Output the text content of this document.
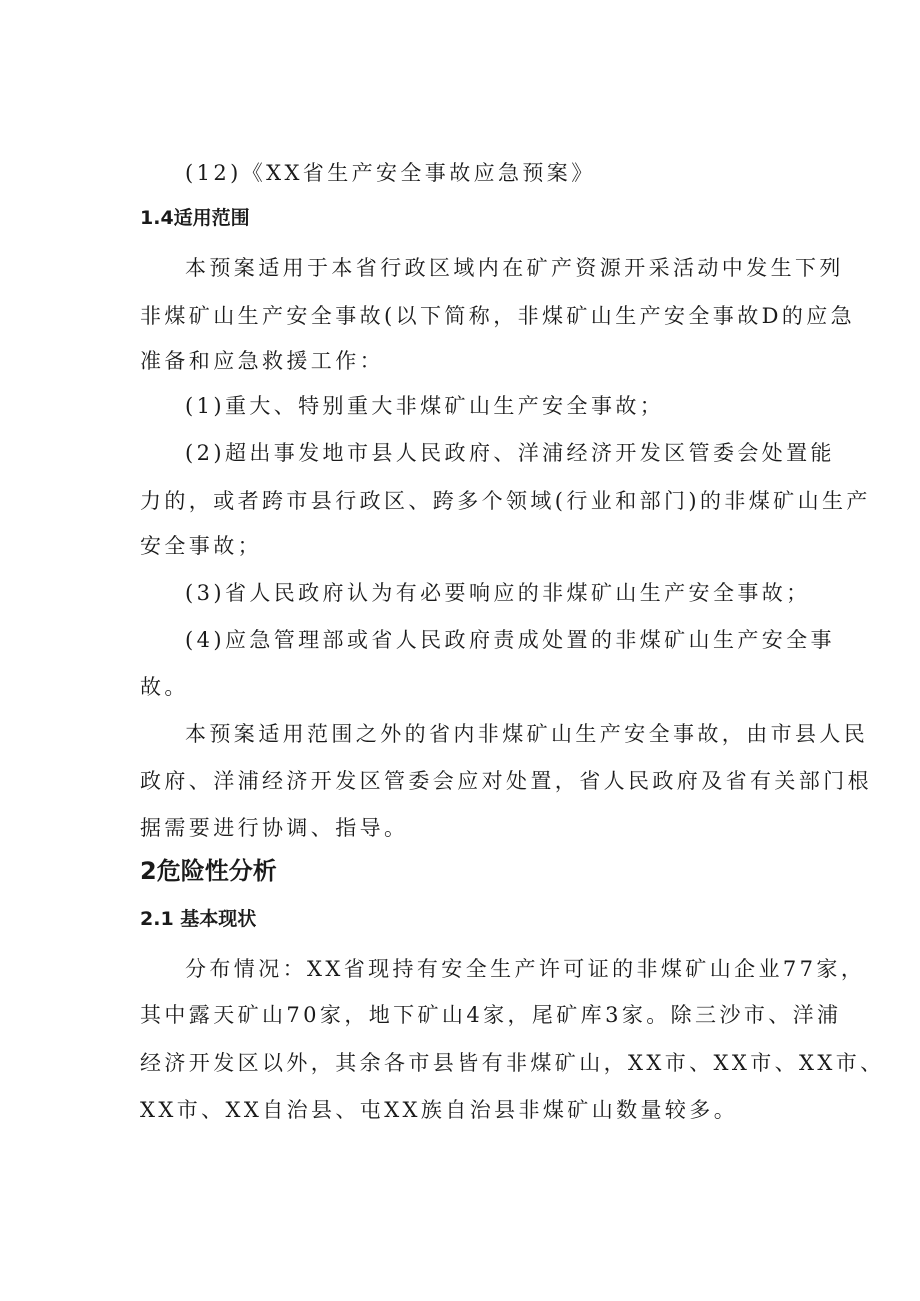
(12)《XX省生产安全事故应急预案》
1.4适用范围
本预案适用于本省行政区域内在矿产资源开采活动中发生下列
非煤矿山生产安全事故(以下简称，非煤矿山生产安全事故D的应急
准备和应急救援工作：
(1)重大、特别重大非煤矿山生产安全事故；
(2)超出事发地市县人民政府、洋浦经济开发区管委会处置能
力的，或者跨市县行政区、跨多个领域(行业和部门)的非煤矿山生产
安全事故；
(3)省人民政府认为有必要响应的非煤矿山生产安全事故；
(4)应急管理部或省人民政府责成处置的非煤矿山生产安全事
故。
本预案适用范围之外的省内非煤矿山生产安全事故，由市县人民
政府、洋浦经济开发区管委会应对处置，省人民政府及省有关部门根
据需要进行协调、指导。
2危险性分析
2.1 基本现状
分布情况：XX省现持有安全生产许可证的非煤矿山企业77家，
其中露天矿山70家，地下矿山4家，尾矿库3家。除三沙市、洋浦
经济开发区以外，其余各市县皆有非煤矿山，XX市、XX市、XX市、
XX市、XX自治县、屯XX族自治县非煤矿山数量较多。
